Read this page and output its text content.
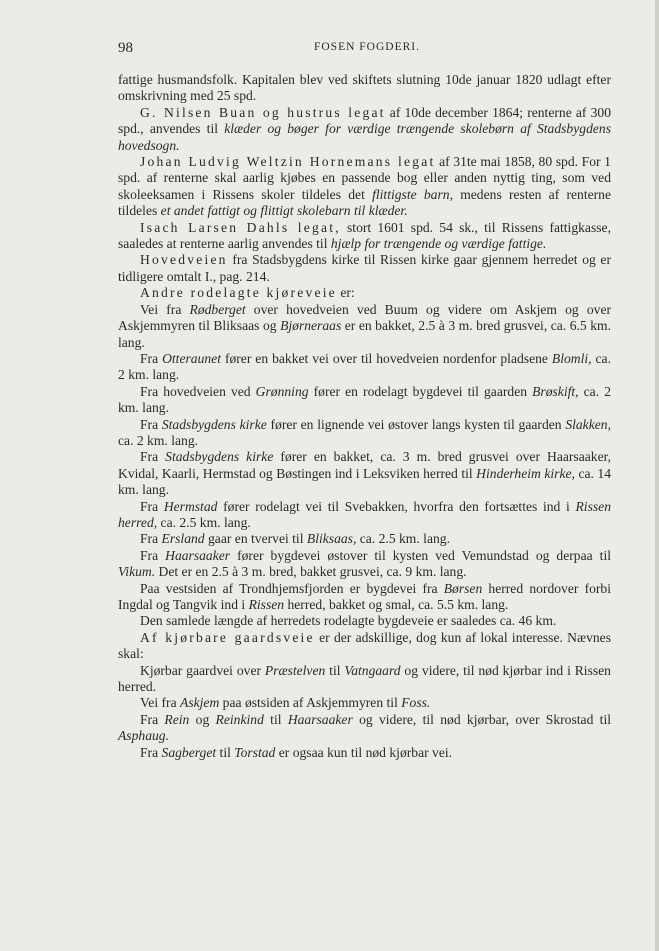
98	FOSEN FOGDERI.

fattige husmandsfolk. Kapitalen blev ved skiftets slutning 10de januar 1820 udlagt efter omskrivning med 25 spd.

G. Nilsen Buan og hustrus legat af 10de december 1864; renterne af 300 spd., anvendes til klæder og bøger for værdige trængende skolebørn af Stadsbygdens hovedsogn.

Johan Ludvig Weltzin Hornemans legat af 31te mai 1858, 80 spd. For 1 spd. af renterne skal aarlig kjøbes en passende bog eller anden nyttig ting, som ved skoleeksamen i Rissens skoler tildeles det flittigste barn, medens resten af renterne tildeles et andet fattigt og flittigt skolebarn til klæder.

Isach Larsen Dahls legat, stort 1601 spd. 54 sk., til Rissens fattigkasse, saaledes at renterne aarlig anvendes til hjælp for trængende og værdige fattige.

Hovedveien fra Stadsbygdens kirke til Rissen kirke gaar gjennem herredet og er tidligere omtalt I., pag. 214.

Andre rodelagte kjøreveie er:

Vei fra Rødberget over hovedveien ved Buum og videre om Askjem og over Askjemmyren til Bliksaas og Bjørneraas er en bakket, 2.5 à 3 m. bred grusvei, ca. 6.5 km. lang.

Fra Otteraunet fører en bakket vei over til hovedveien nordenfor pladsene Blomli, ca. 2 km. lang.

Fra hovedveien ved Grønning fører en rodelagt bygdevei til gaarden Brøskift, ca. 2 km. lang.

Fra Stadsbygdens kirke fører en lignende vei østover langs kysten til gaarden Slakken, ca. 2 km. lang.

Fra Stadsbygdens kirke fører en bakket, ca. 3 m. bred grusvei over Haarsaaker, Kvidal, Kaarli, Hermstad og Bøstingen ind i Leksviken herred til Hinderheim kirke, ca. 14 km. lang.

Fra Hermstad fører rodelagt vei til Svebakken, hvorfra den fortsættes ind i Rissen herred, ca. 2.5 km. lang.

Fra Ersland gaar en tvervei til Bliksaas, ca. 2.5 km. lang.

Fra Haarsaaker fører bygdevei østover til kysten ved Vemundstad og derpaa til Vikum. Det er en 2.5 à 3 m. bred, bakket grusvei, ca. 9 km. lang.

Paa vestsiden af Trondhjemsfjorden er bygdevei fra Børsen herred nordover forbi Ingdal og Tangvik ind i Rissen herred, bakket og smal, ca. 5.5 km. lang.

Den samlede længde af herredets rodelagte bygdeveie er saaledes ca. 46 km.

Af kjørbare gaardsveie er der adskillige, dog kun af lokal interesse. Nævnes skal:

Kjørbar gaardvei over Præstelven til Vatngaard og videre, til nød kjørbar ind i Rissen herred.

Vei fra Askjem paa østsiden af Askjemmyren til Foss.

Fra Rein og Reinkind til Haarsaaker og videre, til nød kjørbar, over Skrostad til Asphaug.

Fra Sagberget til Torstad er ogsaa kun til nød kjørbar vei.
